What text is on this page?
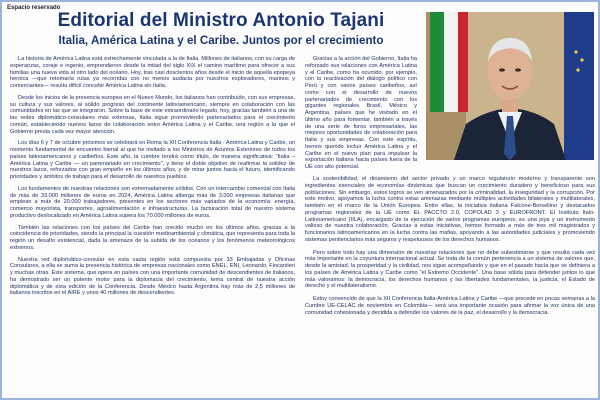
Espacio reservado
Editorial del Ministro Antonio Tajani
Italia, América Latina y el Caribe. Juntos por el crecimiento

La historia de América Latina está estrechamente vinculada a la de Italia. Millones de italianos, con su carga de esperanzas, coraje e ingenio, emprendieron desde la mitad del siglo XIX el camino marítimo para ofrecer a sus familias una nueva vida al otro lado del océano. Hoy, tras casi doscientos años desde el inicio de aquella epopeya heroica —que retomaría rutas ya recorridas con no menos audacia por nuestros exploradores, marinos y comerciantes— resulta difícil concebir América Latina sin Italia.

Desde los inicios de la presencia europea en el Nuevo Mundo, los italianos han contribuido, con sus empresas, su cultura y sus valores, al sólido progreso del continente latinoamericano, siempre en colaboración con las comunidades en las que se integraron. Sobre la base de este extraordinario legado, hoy, gracias también a una de las redes diplomático-consulares más extensas, Italia sigue promoviendo partenariados para el crecimiento común, estableciendo nuevos lazos de colaboración entre América Latina y el Caribe, una región a la que el Gobierno presta cada vez mayor atención.

Los días 6 y 7 de octubre próximos se celebrará en Roma la XII Conferencia Italia - América Latina y Caribe, un momento fundamental de encuentro bienal al que he invitado a los Ministros de Asuntos Exteriores de todos los países latinoamericanos y caribeños. Este año, la cumbre tendrá como título, de manera significativa: "Italia – América Latina y Caribe — un partenariado en crecimiento", y tiene el doble objetivo de reafirmar la solidez de nuestros lazos, reforzados con gran empeño en los últimos años, y de mirar juntos hacia el futuro, identificando prioridades y ámbitos de trabajo para el desarrollo de nuestros pueblos.

Los fundamentos de nuestras relaciones son extremadamente sólidos. Con un intercambio comercial con Italia de más de 33.000 millones de euros en 2024, América Latina alberga más de 3.000 empresas italianas que emplean a más de 20.000 trabajadores, presentes en los sectores más variados de la economía: energía, comercio mayorista, transportes, agroalimentación e infraestructuras. La facturación total de nuestro sistema productivo deslocalizado en América Latina supera los 70.000 millones de euros.

También las relaciones con los países del Caribe han crecido mucho en los últimos años, gracias a la coincidencia de prioridades, siendo la principal la cuestión medioambiental y climática, que representa para toda la región un desafío existencial, dada la amenaza de la subida de los océanos y los fenómenos meteorológicos extremos.

Nuestra red diplomático-consular en esta vasta región está compuesta por 33 Embajadas y Oficinas Consulares, a ella se suma la presencia histórica de empresas nacionales como ENEL, ENI, Leonardo, Fincantieri y muchas otras. Este sistema, que opera en países con una importante comunidad de descendientes de italianos, ha demostrado ser un potente motor para la diplomacia del crecimiento, tema central de nuestra acción diplomática y de esta edición de la Conferencia. Desde México hasta Argentina hay más de 2,5 millones de italianos inscritos en el AIRE y unos 40 millones de descendientes.

Gracias a la acción del Gobierno, Italia ha reforzado sus relaciones con América Latina y el Caribe, como ha ocurrido, por ejemplo, con la reactivación del diálogo político con Perú y con varios países caribeños, así como con el desarrollo de nuevos partenariados de crecimiento con los gigantes regionales Brasil, México y Argentina, países que he visitado en el último año para fomentar, también a través de una serie de foros empresariales, las mejores oportunidades de colaboración para Italia y sus empresas. Con este espíritu, hemos querido incluir América Latina y el Caribe en el nuevo plan para impulsar la exportación italiana hacia países fuera de la UE con alto potencial.

La sostenibilidad, el dinamismo del sector privado y un marco regulatorio moderno y transparente son ingredientes esenciales de economías dinámicas que buscan un crecimiento duradero y beneficioso para sus poblaciones. Sin embargo, estos logros se ven amenazados por la criminalidad, la inseguridad y la corrupción. Por este motivo, apoyamos la lucha contra estas amenazas mediante múltiples actividades bilaterales y multilaterales, también en el marco de la Unión Europea. Entre ellas, la iniciativa italiana Falcone-Borsellino y destacados programas regionales de la UE como EL PACCTO 2.0, COPOLAD 3 y EUROFRONT. El Instituto Italo-Latinoamericano (IILA), encargado de la ejecución de varios programas europeos, es una joya y un instrumento valioso de nuestra colaboración. Gracias a estas iniciativas, hemos formado a más de tres mil magistrados y funcionarios latinoamericanos en la lucha contra las mafias, apoyando a las autoridades judiciales y promoviendo sistemas penitenciarios más seguros y respetuosos de los derechos humanos.

Pero sobre todo hay una dimensión de nuestras relaciones que no debe subestimarse y que resulta cada vez más importante en la coyuntura internacional actual. Se trata de la común pertenencia a un sistema de valores que, desde la amistad, la prosperidad y la civilidad, nos sigue acompañando y que en el pasado hacía que se definiera a los países de América Latina y Caribe como "el Extremo Occidente". Una base sólida para defender juntos lo que más valoramos: la democracia, los derechos humanos y las libertades fundamentales, la justicia, el Estado de derecho y el multilateralismo.

Estoy convencido de que la XII Conferencia Italia-América Latina y Caribe —que precede en pocas semanas a la Cumbre UE-CELAC de noviembre en Colombia— será una importante ocasión para afirmar la voz única de una comunidad cohesionada y decidida a defender los valores de la paz, el desarrollo y la democracia.
